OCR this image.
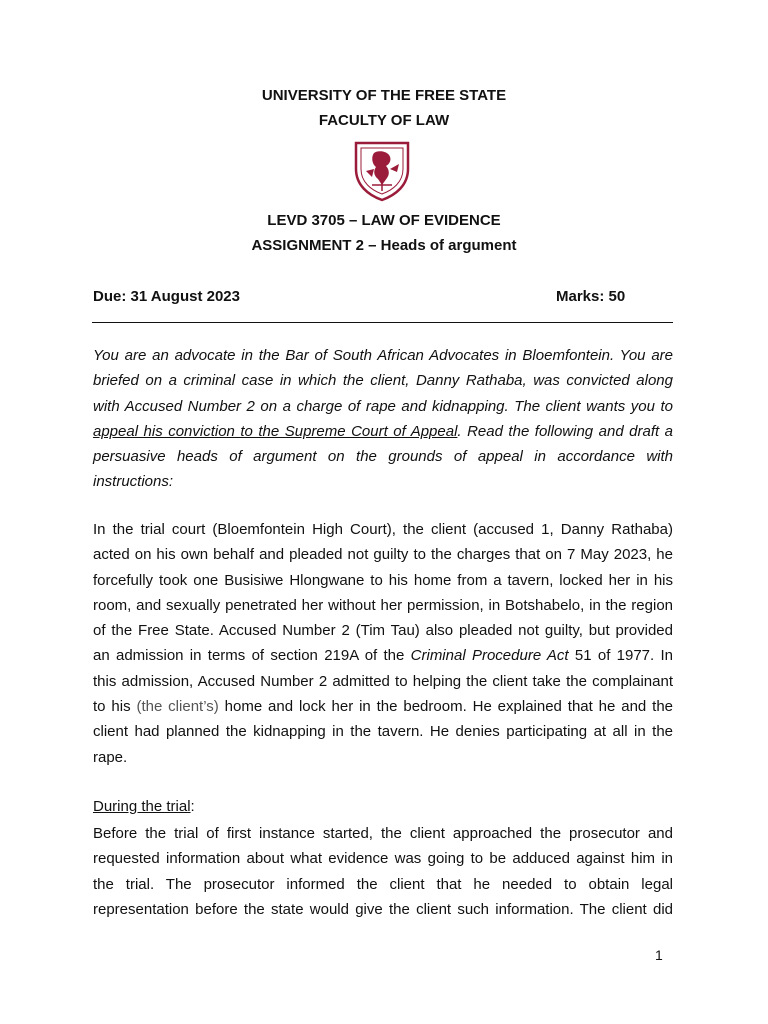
UNIVERSITY OF THE FREE STATE
FACULTY OF LAW
LEVD 3705 – LAW OF EVIDENCE
ASSIGNMENT 2 – Heads of argument
Due: 31 August 2023	Marks: 50
You are an advocate in the Bar of South African Advocates in Bloemfontein. You are
briefed on a criminal case in which the client, Danny Rathaba, was convicted along
with Accused Number 2 on a charge of rape and kidnapping. The client wants you to
appeal his conviction to the Supreme Court of Appeal. Read the following and draft a
persuasive heads of argument on the grounds of appeal in accordance with
instructions:
In the trial court (Bloemfontein High Court), the client (accused 1, Danny Rathaba)
acted on his own behalf and pleaded not guilty to the charges that on 7 May 2023, he
forcefully took one Busisiwe Hlongwane to his home from a tavern, locked her in his
room, and sexually penetrated her without her permission, in Botshabelo, in the region
of the Free State. Accused Number 2 (Tim Tau) also pleaded not guilty, but provided
an admission in terms of section 219A of the Criminal Procedure Act 51 of 1977. In
this admission, Accused Number 2 admitted to helping the client take the complainant
to his (the client’s) home and lock her in the bedroom. He explained that he and the
client had planned the kidnapping in the tavern. He denies participating at all in the
rape.
During the trial:
Before the trial of first instance started, the client approached the prosecutor and
requested information about what evidence was going to be adduced against him in
the trial. The prosecutor informed the client that he needed to obtain legal
representation before the state would give the client such information. The client did
1
